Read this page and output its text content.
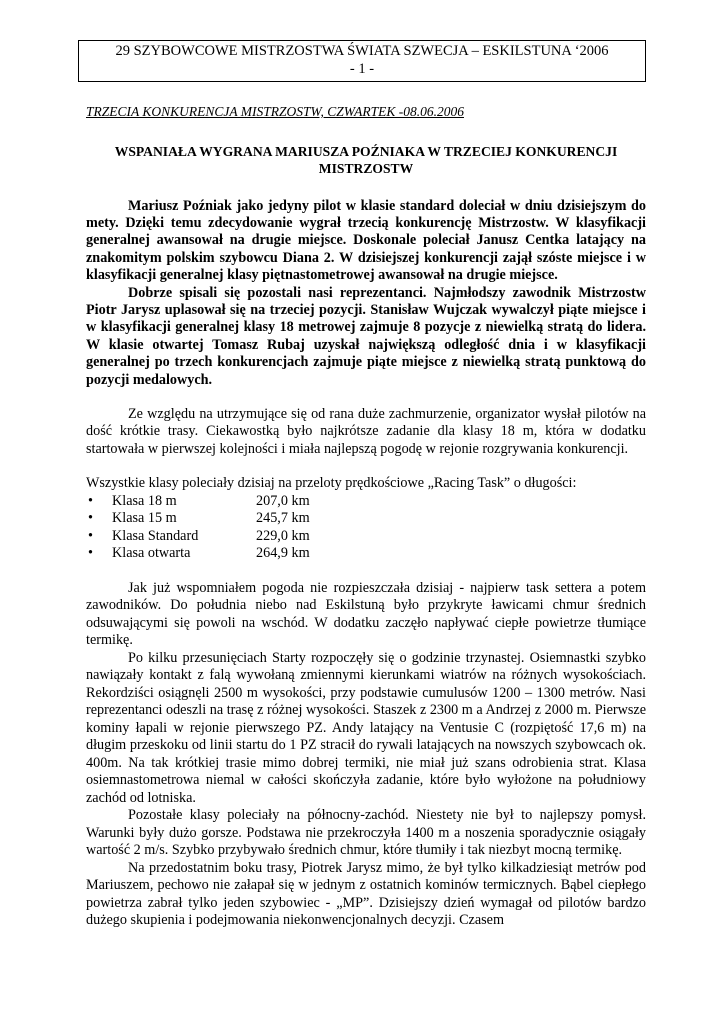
29 SZYBOWCOWE MISTRZOSTWA ŚWIATA SZWECJA – ESKILSTUNA ‘2006
- 1 -
TRZECIA KONKURENCJA MISTRZOSTW, CZWARTEK -08.06.2006
WSPANIAŁA WYGRANA MARIUSZA POŹNIAKA W TRZECIEJ KONKURENCJI MISTRZOSTW

Mariusz Poźniak jako jedyny pilot w klasie standard doleciał w dniu dzisiejszym do mety. Dzięki temu zdecydowanie wygrał trzecią konkurencję Mistrzostw. W klasyfikacji generalnej awansował na drugie miejsce. Doskonale poleciał Janusz Centka latający na znakomitym polskim szybowcu Diana 2. W dzisiejszej konkurencji zajął szóste miejsce i w klasyfikacji generalnej klasy piętnastometrowej awansował na drugie miejsce.

Dobrze spisali się pozostali nasi reprezentanci. Najmłodszy zawodnik Mistrzostw Piotr Jarysz uplasował się na trzeciej pozycji. Stanisław Wujczak wywalczył piąte miejsce i w klasyfikacji generalnej klasy 18 metrowej zajmuje 8 pozycje z niewielką stratą do lidera. W klasie otwartej Tomasz Rubaj uzyskał największą odległość dnia i w klasyfikacji generalnej po trzech konkurencjach zajmuje piąte miejsce z niewielką stratą punktową do pozycji medalowych.

Ze względu na utrzymujące się od rana duże zachmurzenie, organizator wysłał pilotów na dość krótkie trasy. Ciekawostką było najkrótsze zadanie dla klasy 18 m, która w dodatku startowała w pierwszej kolejności i miała najlepszą pogodę w rejonie rozgrywania konkurencji.

Wszystkie klasy poleciały dzisiaj na przeloty prędkościowe „Racing Task” o długości:

•	Klasa 18 m	207,0 km
•	Klasa 15 m	245,7 km
•	Klasa Standard	229,0 km
•	Klasa otwarta	264,9 km

Jak już wspomniałem pogoda nie rozpieszczała dzisiaj - najpierw task settera a potem zawodników. Do południa niebo nad Eskilstuną było przykryte ławicami chmur średnich odsuwającymi się powoli na wschód. W dodatku zaczęło napływać ciepłe powietrze tłumiące termikę.

Po kilku przesunięciach Starty rozpoczęły się o godzinie trzynastej. Osiemnastki szybko nawiązały kontakt z falą wywołaną zmiennymi kierunkami wiatrów na różnych wysokościach. Rekordziści osiągnęli 2500 m wysokości, przy podstawie cumulusów 1200 – 1300 metrów. Nasi reprezentanci odeszli na trasę z różnej wysokości. Staszek z 2300 m a Andrzej z 2000 m. Pierwsze kominy łapali w rejonie pierwszego PZ. Andy latający na Ventusie C (rozpiętość 17,6 m) na długim przeskoku od linii startu do 1 PZ stracił do rywali latających na nowszych szybowcach ok. 400m. Na tak krótkiej trasie mimo dobrej termiki, nie miał już szans odrobienia strat. Klasa osiemnastometrowa niemal w całości skończyła zadanie, które było wyłożone na południowy zachód od lotniska.

Pozostałe klasy poleciały na północny-zachód. Niestety nie był to najlepszy pomysł. Warunki były dużo gorsze. Podstawa nie przekroczyła 1400 m a noszenia sporadycznie osiągały wartość 2 m/s. Szybko przybywało średnich chmur, które tłumiły i tak niezbyt mocną termikę.

Na przedostatnim boku trasy, Piotrek Jarysz mimo, że był tylko kilkadziesiąt metrów pod Mariuszem, pechowo nie załapał się w jednym z ostatnich kominów termicznych. Bąbel ciepłego powietrza zabrał tylko jeden szybowiec - „MP”. Dzisiejszy dzień wymagał od pilotów bardzo dużego skupienia i podejmowania niekonwencjonalnych decyzji. Czasem
